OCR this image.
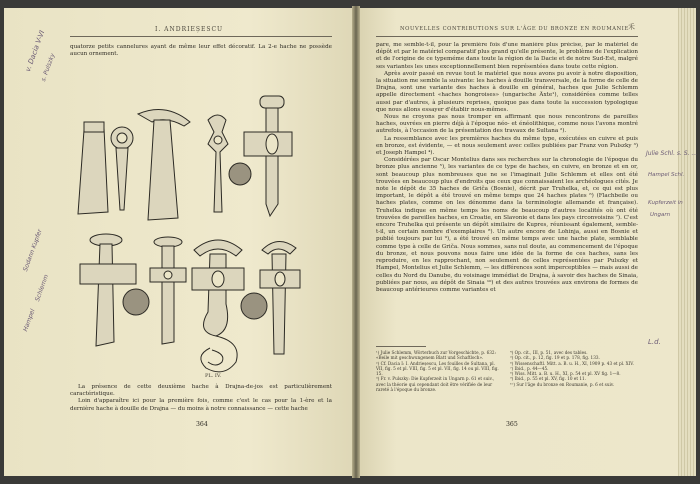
I. ANDRIEȘESCU

quatorze petits cannelures ayant de même leur effet décoratif. La 2-e hache ne possède aucun ornement.

PL. IV.

La présence de cette deuxième hache à Drajna-de-jos est particulièrement caractéristique.

Loin d'apparaître ici pour la première fois, comme c'est le cas pour la 1-ère et la dernière hache à douille de Drajna — du moins à notre connaissance — cette hache

364
v. Dacia V-VI
s. Pulszky
Sodann Kupfer
Schlemm
Hampel
NOUVELLES CONTRIBUTIONS SUR L'ÂGE DU BRONZE EN ROUMANIE 禾

pare, me semble-t-il, pour la première fois d'une manière plus précise, par le matériel de dépôt et par le matériel comparatif plus grand qu'elle présente, le problème de l'explication et de l'origine de ce typeméme dans toute la région de la Dacie et de notre Sud-Est, malgré ses variantes les unes exceptionnellement bien représentées dans toute cette région.

Après avoir passé en revue tout le matériel que nous avons pu avoir à notre disposition, la situation me semble la suivante: les haches à douille transversale, de la forme de celle de Drajna, sont une variante des haches à douille en général, haches que Julie Schlemm appelle directement «haches hongroises» (ungarische Äxte¹), considérées comme telles aussi par d'autres, à plusieurs reprises, quoique pas dans toute la succession typologique que nous allons essayer d'établir nous-mêmes.

Nous ne croyons pas nous tromper en affirmant que nous rencontrons de pareilles haches, ouvrées en pierre déjà à l'époque néo- et énéolithique, comme nous l'avons montré autrefois, à l'occasion de la présentation des travaux de Sultana ²).

La ressemblance avec les premières haches du même type, exécutées en cuivre et puis en bronze, est évidente, — et nous seulement avec celles publiées par Franz von Pulszky ³) et Joseph Hampel ⁴).

Considérées par Oscar Montelius dans ses recherches sur la chronologie de l'époque du bronze plus ancienne ⁵), les variantes de ce type de haches, en cuivre, en bronze et en or, sont beaucoup plus nombreuses que ne se l'imaginait Julie Schlemm et elles ont été trouvées en beaucoup plus d'endroits que ceux que connaissaient les archéologues cités. Je note le dépôt de 35 haches de Griča (Bosnie), décrit par Truhelka, et, ce qui est plus important, le dépôt a été trouvé en même temps que 24 haches plates ⁶) (Flachbeile ou haches plates, comme on les dénomme dans la terminologie allemande et française). Truhelka indique en même temps les noms de beaucoup d'autres localités où ont été trouvées de pareilles haches, en Croatie, en Slavonie et dans les pays circonvoisins ⁷). C'est encore Truhelka qui présente un dépôt similaire de Kupres, réunissant également, semble-t-il, un certain nombre d'exemplaires ⁸). Un autre encore de Lohinja, aussi en Bosnie et publié toujours par lui ⁹), a été trouvé en même temps avec une hache plate, semblable comme type à celle de Griča. Nous sommes, sans nul doute, au commencement de l'époque du bronze, et nous pouvons nous faire une idée de la forme de ces haches, sans les reproduire, en les rapprochant, non seulement de celles représentées par Pulszky et Hampel, Montelius et Julie Schlemm, — les différences sont imperceptibles — mais aussi de celles du Nord du Danube, du voisinage immédiat de Drajna, à savoir des haches de Sinaia, publiées par nous, au dépôt de Sinaia ¹⁰) et des autres trouvées aux environs de formes de beaucoup antérieures comme variantes et

¹) Julie Schlemm, Wörterbuch zur Vorgeschichte, p. 632: «Beile mit geschwungenem Blatt und Schaftloch».
²) Cf. Dacia I: I. Andrieșescu, Les fouilles de Sultana, pl. VII, fig. 5 et pl. VIII, fig. 5 et pl. VII, fig. 14 ou pl. VIII, fig. 15.
³) Fr. v. Pulszky: Die Kupferzeit in Ungarn p. 61 et suiv., avec la théorie qui cependant doit être vérifiée de leur rareté à l'époque du bronze.
⁴) Op. cit., III, p. 51, avec des tables.
⁵) Op. cit., p. 12, fig. 19 et p. 178, fig. 133.
⁶) Wissenschaftl. Mitt. a. B. u. H., XI, 1909 p. 43 et pl. XIV.
⁷) Ibid., p. 44—45.
⁸) Wiss. Mitt. a. B. u. H., XI, p. 54 et pl. XV fig. 1—8.
⁹) Ibid., p. 55 et pl. XV, fig. 10 et 11.
¹⁰) Sur l'âge du bronze en Roumanie, p. 6 et suiv.
365
Julie Schl. s. S. ...
Hampel Schl.
Kupferzeit in
Ungarn
L.d.
